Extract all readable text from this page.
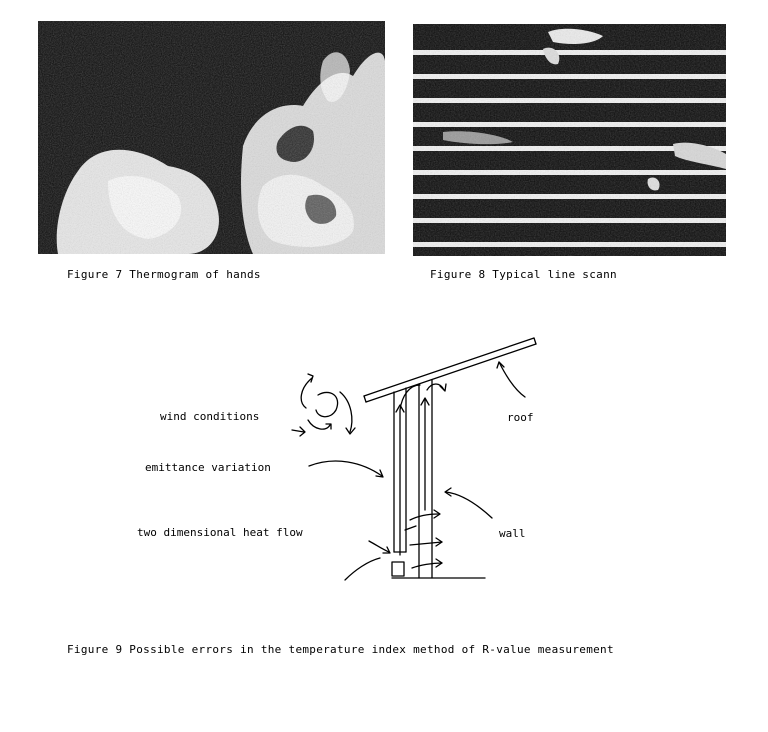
Figure 7 Thermogram of hands	Figure 8 Typical line scann
wind conditions
emittance variation
two dimensional heat flow
roof
wall
Figure 9 Possible errors in the temperature index method of R-value measurement
